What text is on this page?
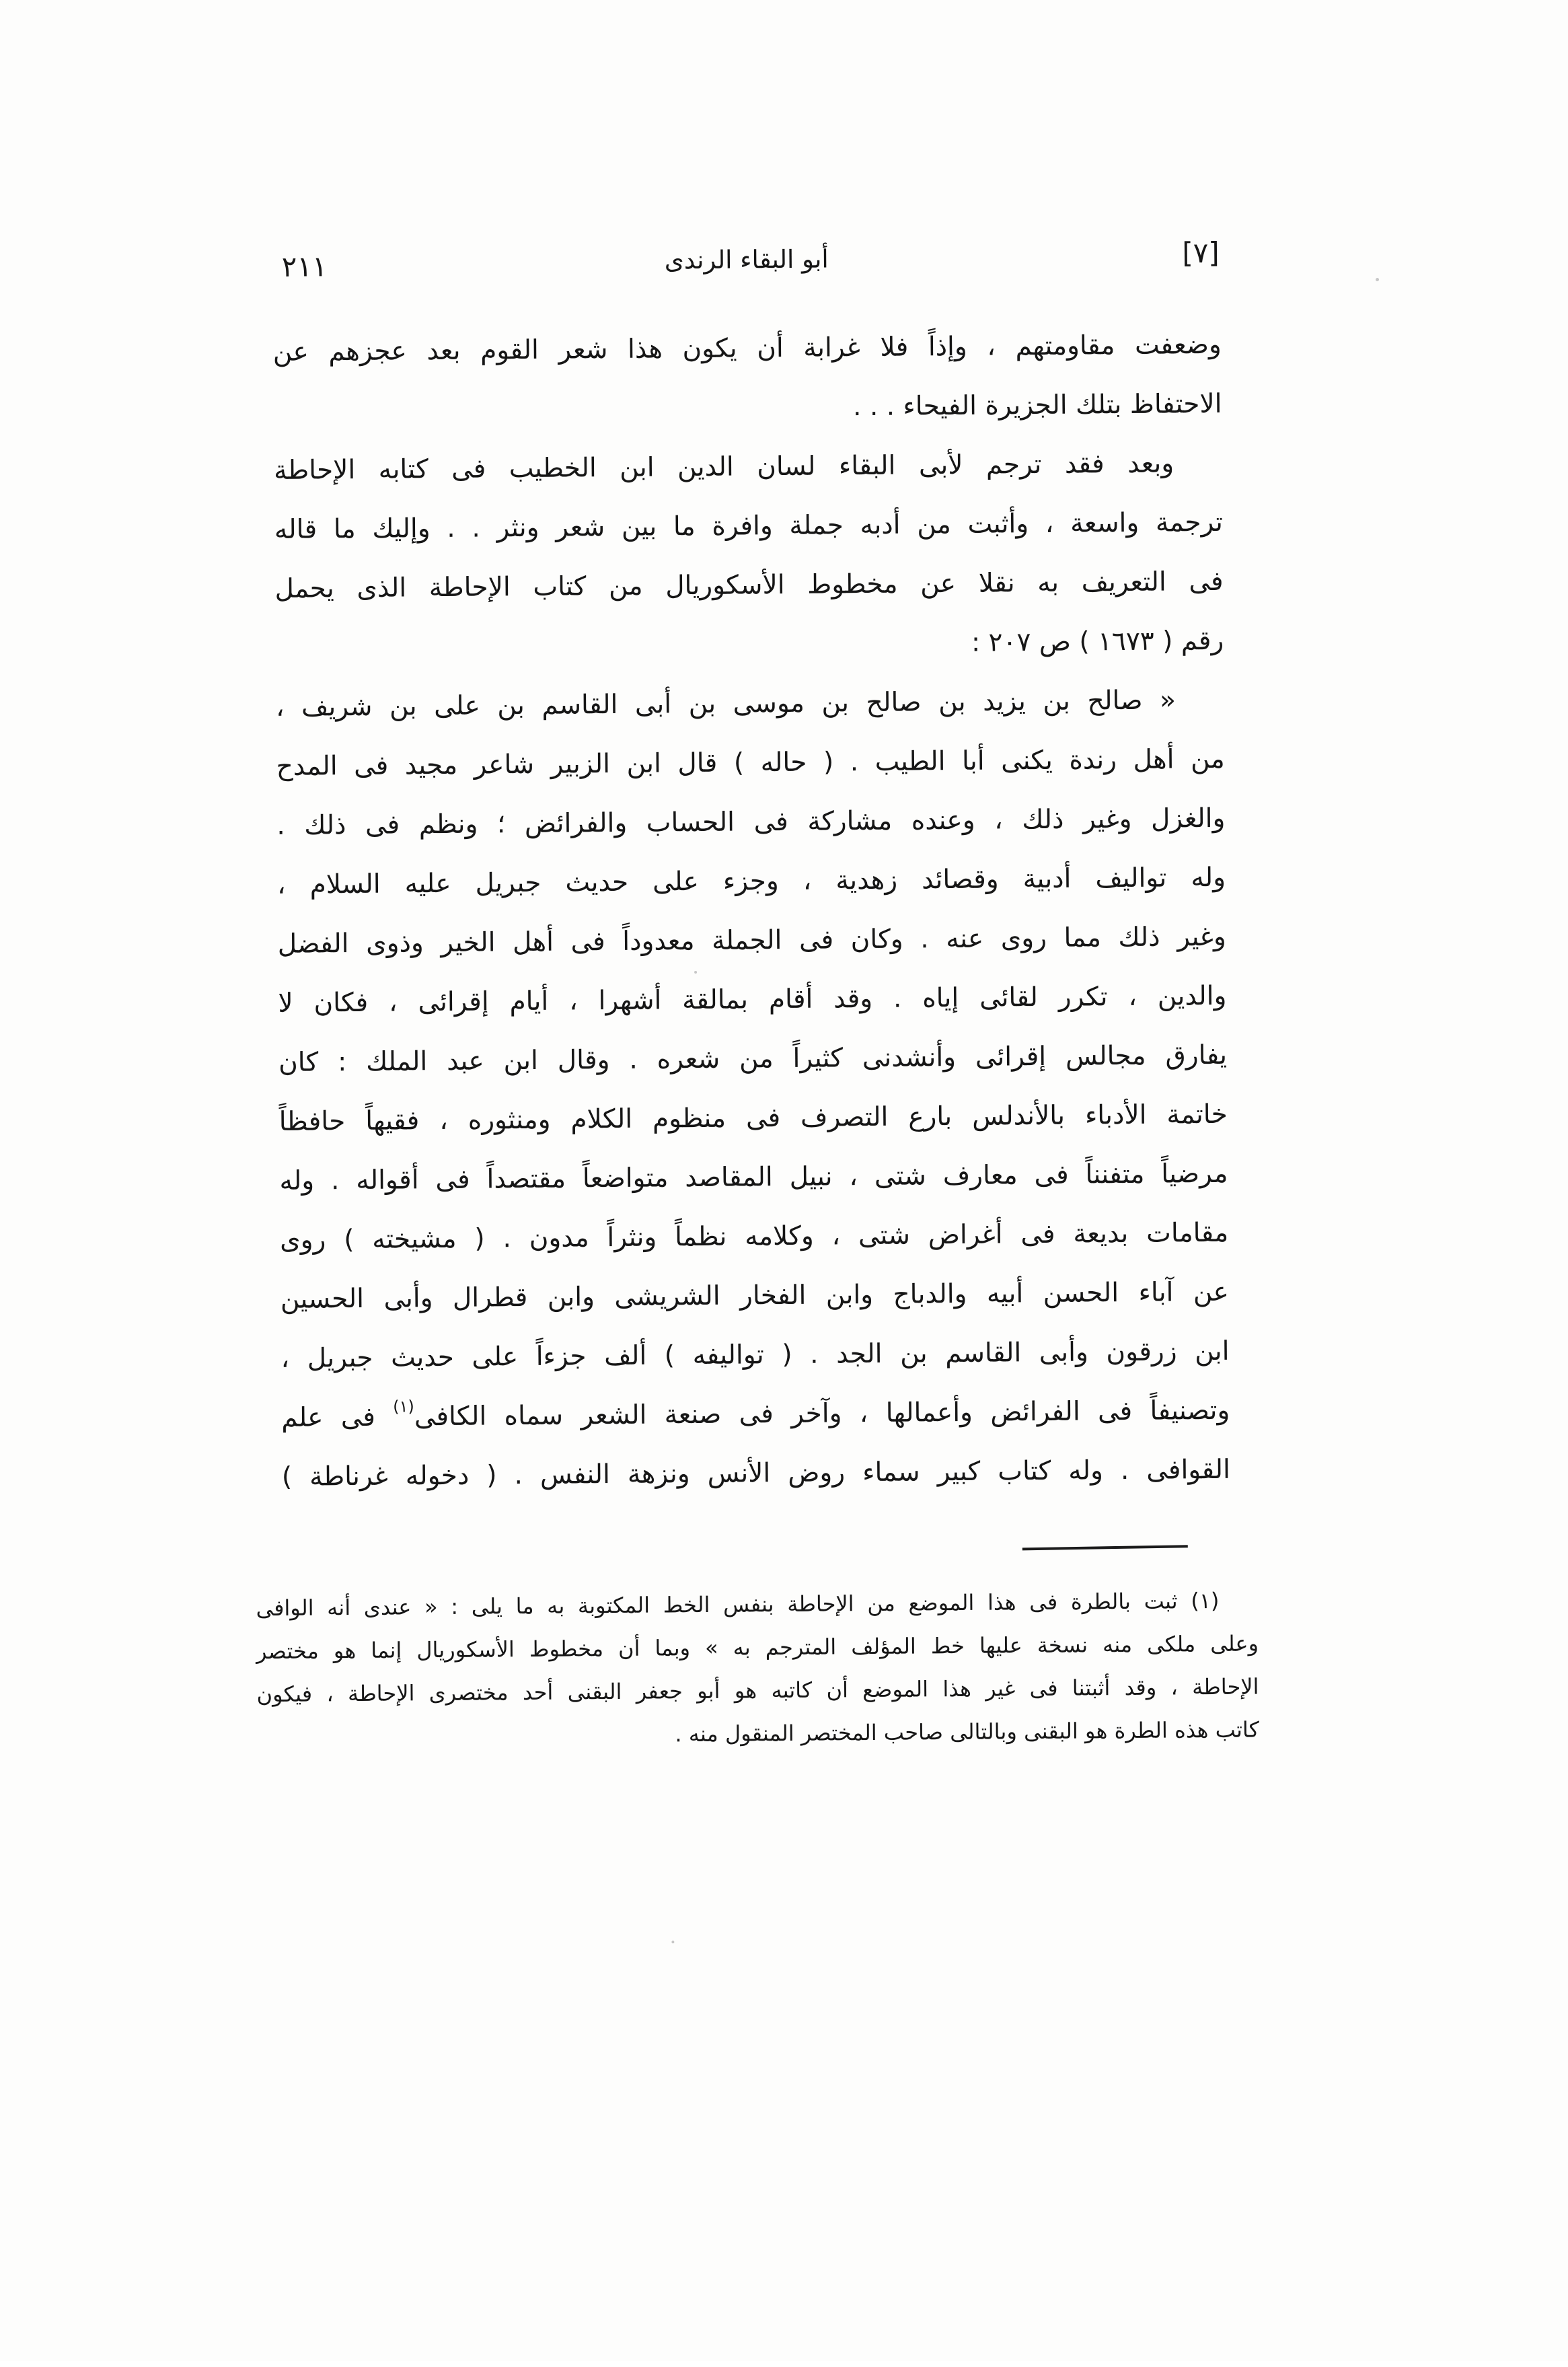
٢١١	أبو البقاء الرندى	[٧]
وضعفت مقاومتهم ، وإذاً فلا غرابة أن يكون هذا شعر القوم بعد عجزهم عن
الاحتفاظ بتلك الجزيرة الفيحاء . . .
وبعد فقد ترجم لأبى البقاء لسان الدين ابن الخطيب فى كتابه الإحاطة
ترجمة واسعة ، وأثبت من أدبه جملة وافرة ما بين شعر ونثر . . وإليك ما قاله
فى التعريف به نقلا عن مخطوط الأسكوريال من كتاب الإحاطة الذى يحمل
رقم ( ١٦٧٣ ) ص ٢٠٧ :
« صالح بن يزيد بن صالح بن موسى بن أبى القاسم بن على بن شريف ،
من أهل رندة يكنى أبا الطيب . ( حاله ) قال ابن الزبير شاعر مجيد فى المدح
والغزل وغير ذلك ، وعنده مشاركة فى الحساب والفرائض ؛ ونظم فى ذلك .
وله تواليف أدبية وقصائد زهدية ، وجزء على حديث جبريل عليه السلام ،
وغير ذلك مما روى عنه . وكان فى الجملة معدوداً فى أهل الخير وذوى الفضل
والدين ، تكرر لقائى إياه . وقد أقام بمالقة أشهرا ، أيام إقرائى ، فكان لا
يفارق مجالس إقرائى وأنشدنى كثيراً من شعره . وقال ابن عبد الملك : كان
خاتمة الأدباء بالأندلس بارع التصرف فى منظوم الكلام ومنثوره ، فقيهاً حافظاً
مرضياً متفنناً فى معارف شتى ، نبيل المقاصد متواضعاً مقتصداً فى أقواله . وله
مقامات بديعة فى أغراض شتى ، وكلامه نظماً ونثراً مدون . ( مشيخته ) روى
عن آباء الحسن أبيه والدباج وابن الفخار الشريشى وابن قطرال وأبى الحسين
ابن زرقون وأبى القاسم بن الجد . ( تواليفه ) ألف جزءاً على حديث جبريل ،
وتصنيفاً فى الفرائض وأعمالها ، وآخر فى صنعة الشعر سماه الكافى$^{(١)}$ فى علم
القوافى . وله كتاب كبير سماء روض الأنس ونزهة النفس . ( دخوله غرناطة )
(١) ثبت بالطرة فى هذا الموضع من الإحاطة بنفس الخط المكتوبة به ما يلى : « عندى أنه الوافى
وعلى ملكى منه نسخة عليها خط المؤلف المترجم به » وبما أن مخطوط الأسكوريال إنما هو مختصر
الإحاطة ، وقد أثبتنا فى غير هذا الموضع أن كاتبه هو أبو جعفر البقنى أحد مختصرى الإحاطة ، فيكون
كاتب هذه الطرة هو البقنى وبالتالى صاحب المختصر المنقول منه .
